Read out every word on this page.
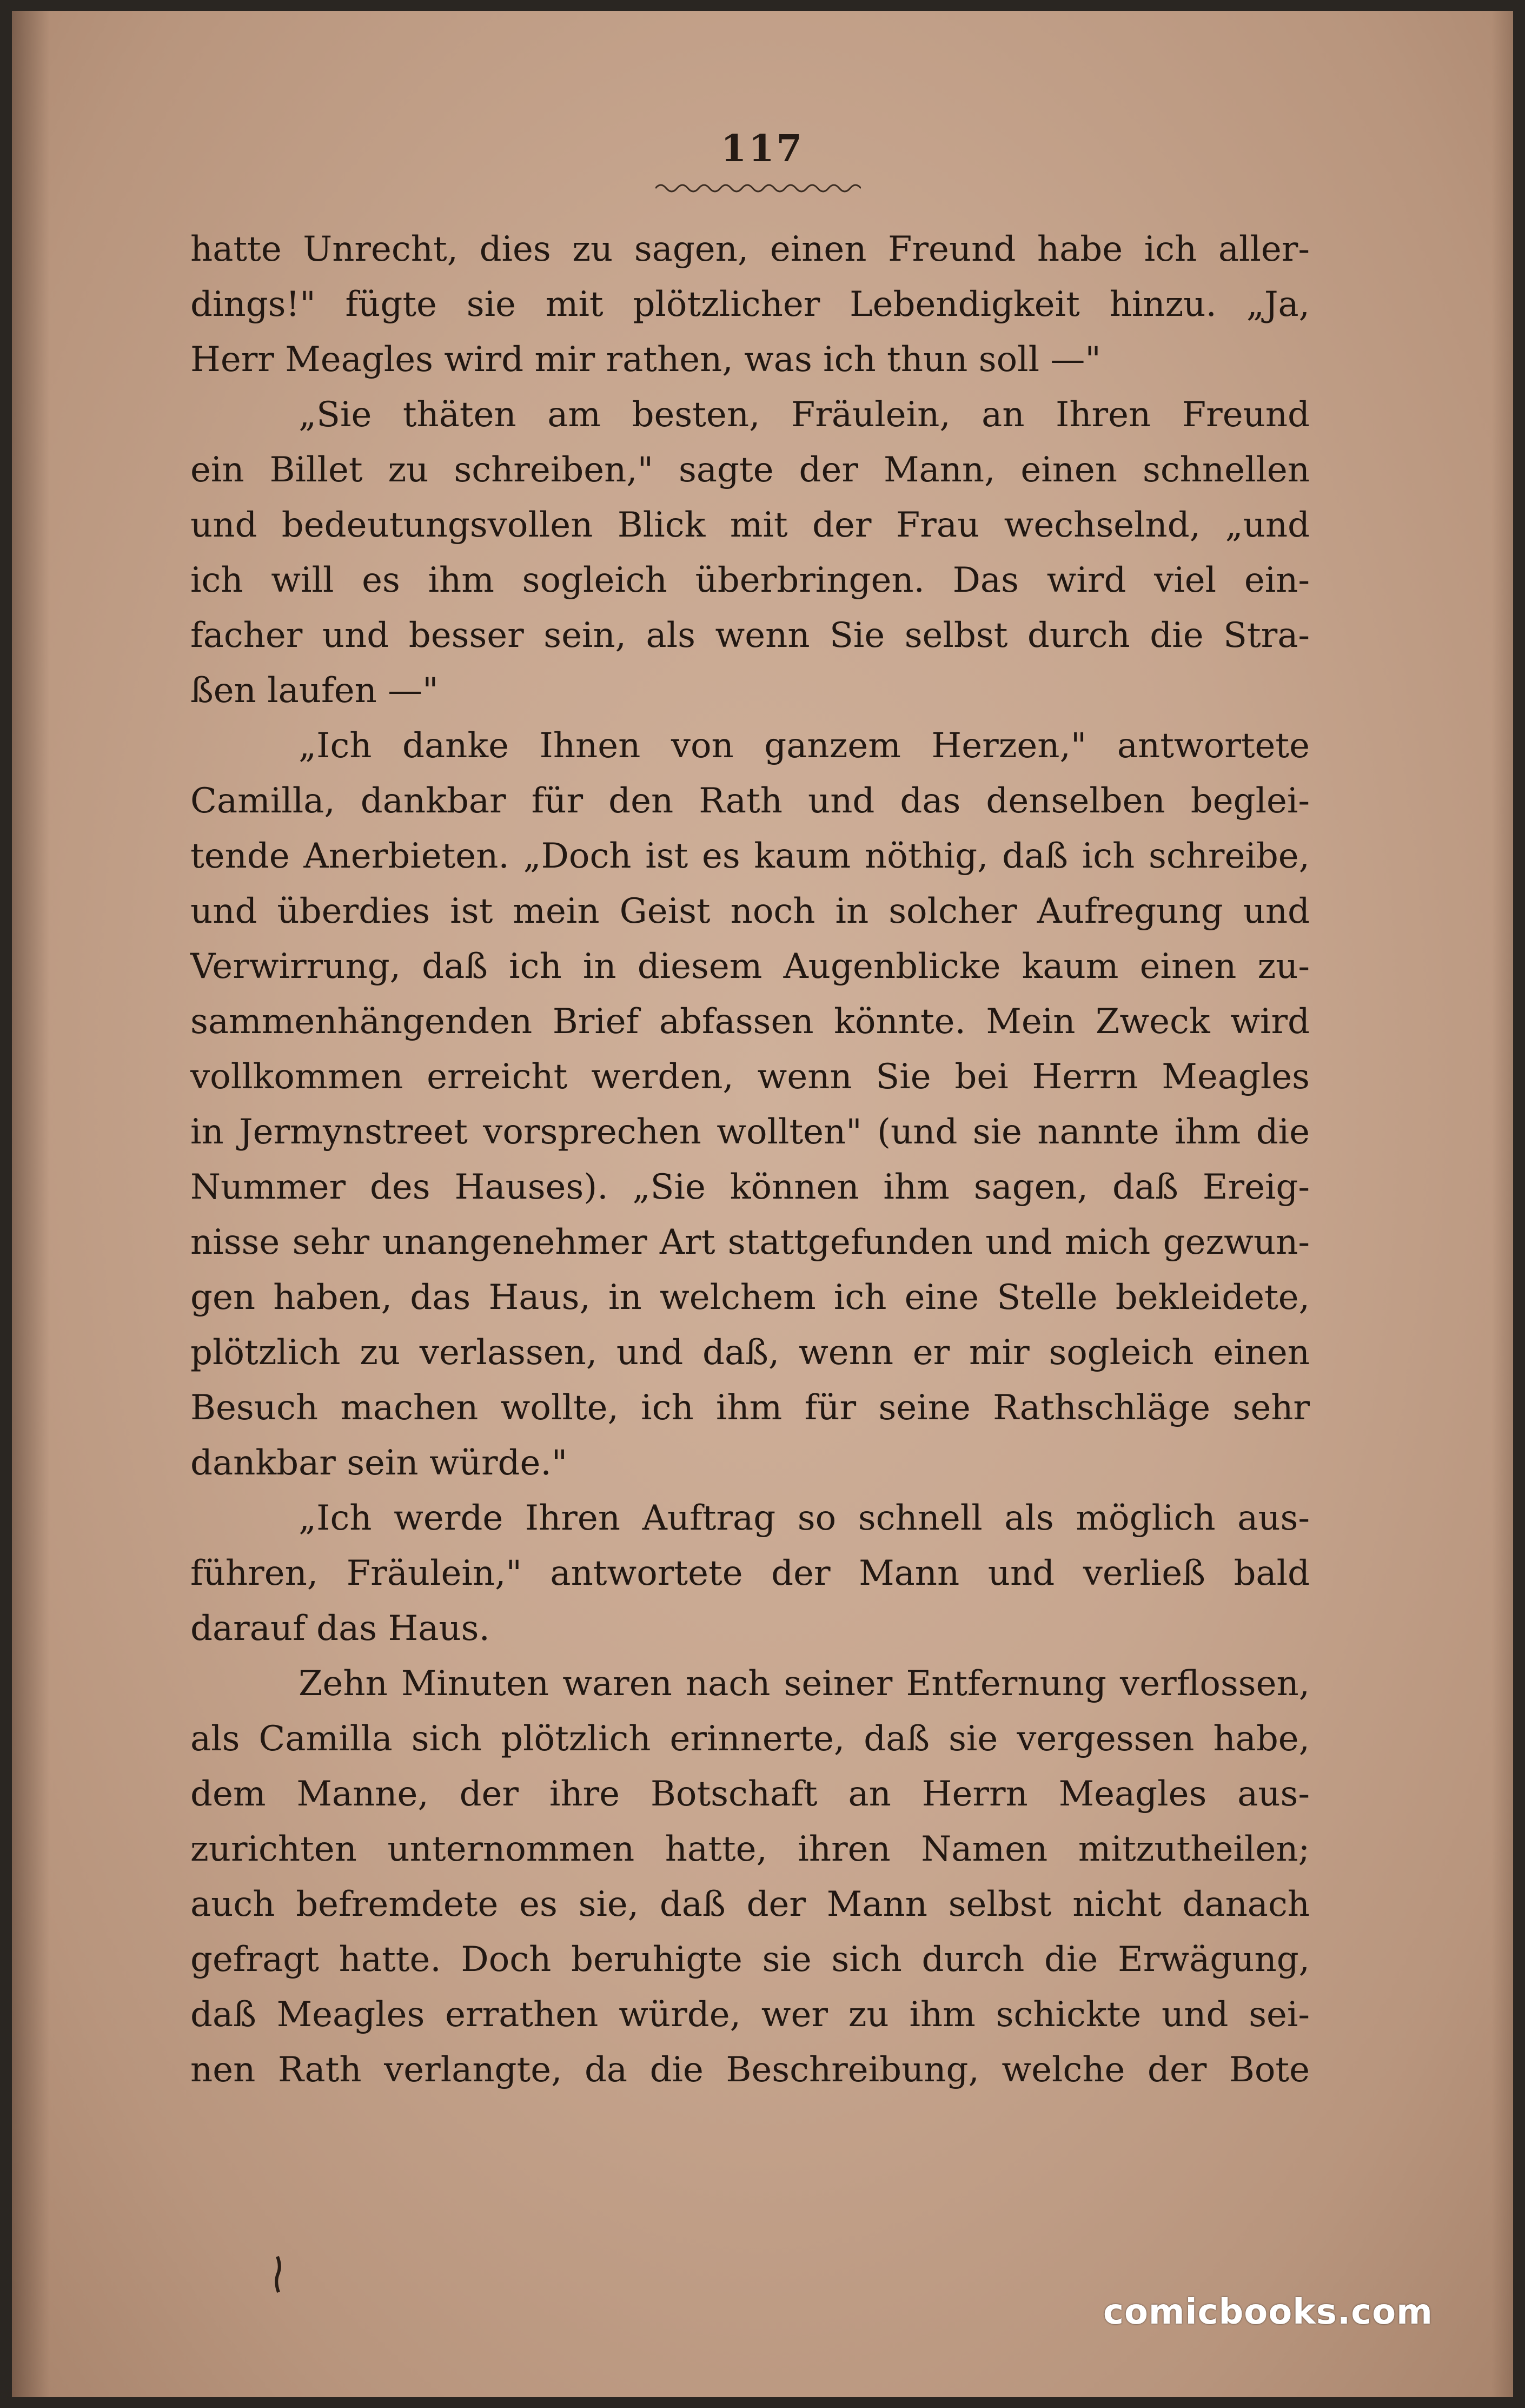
117
hatte Unrecht, dies zu sagen, einen Freund habe ich aller-
dings!" fügte sie mit plötzlicher Lebendigkeit hinzu. „Ja,
Herr Meagles wird mir rathen, was ich thun soll —"
„Sie thäten am besten, Fräulein, an Ihren Freund
ein Billet zu schreiben," sagte der Mann, einen schnellen
und bedeutungsvollen Blick mit der Frau wechselnd, „und
ich will es ihm sogleich überbringen. Das wird viel ein-
facher und besser sein, als wenn Sie selbst durch die Stra-
ßen laufen —"
„Ich danke Ihnen von ganzem Herzen," antwortete
Camilla, dankbar für den Rath und das denselben beglei-
tende Anerbieten. „Doch ist es kaum nöthig, daß ich schreibe,
und überdies ist mein Geist noch in solcher Aufregung und
Verwirrung, daß ich in diesem Augenblicke kaum einen zu-
sammenhängenden Brief abfassen könnte. Mein Zweck wird
vollkommen erreicht werden, wenn Sie bei Herrn Meagles
in Jermynstreet vorsprechen wollten" (und sie nannte ihm die
Nummer des Hauses). „Sie können ihm sagen, daß Ereig-
nisse sehr unangenehmer Art stattgefunden und mich gezwun-
gen haben, das Haus, in welchem ich eine Stelle bekleidete,
plötzlich zu verlassen, und daß, wenn er mir sogleich einen
Besuch machen wollte, ich ihm für seine Rathschläge sehr
dankbar sein würde."
„Ich werde Ihren Auftrag so schnell als möglich aus-
führen, Fräulein," antwortete der Mann und verließ bald
darauf das Haus.
Zehn Minuten waren nach seiner Entfernung verflossen,
als Camilla sich plötzlich erinnerte, daß sie vergessen habe,
dem Manne, der ihre Botschaft an Herrn Meagles aus-
zurichten unternommen hatte, ihren Namen mitzutheilen;
auch befremdete es sie, daß der Mann selbst nicht danach
gefragt hatte. Doch beruhigte sie sich durch die Erwägung,
daß Meagles errathen würde, wer zu ihm schickte und sei-
nen Rath verlangte, da die Beschreibung, welche der Bote
comicbooks.com
